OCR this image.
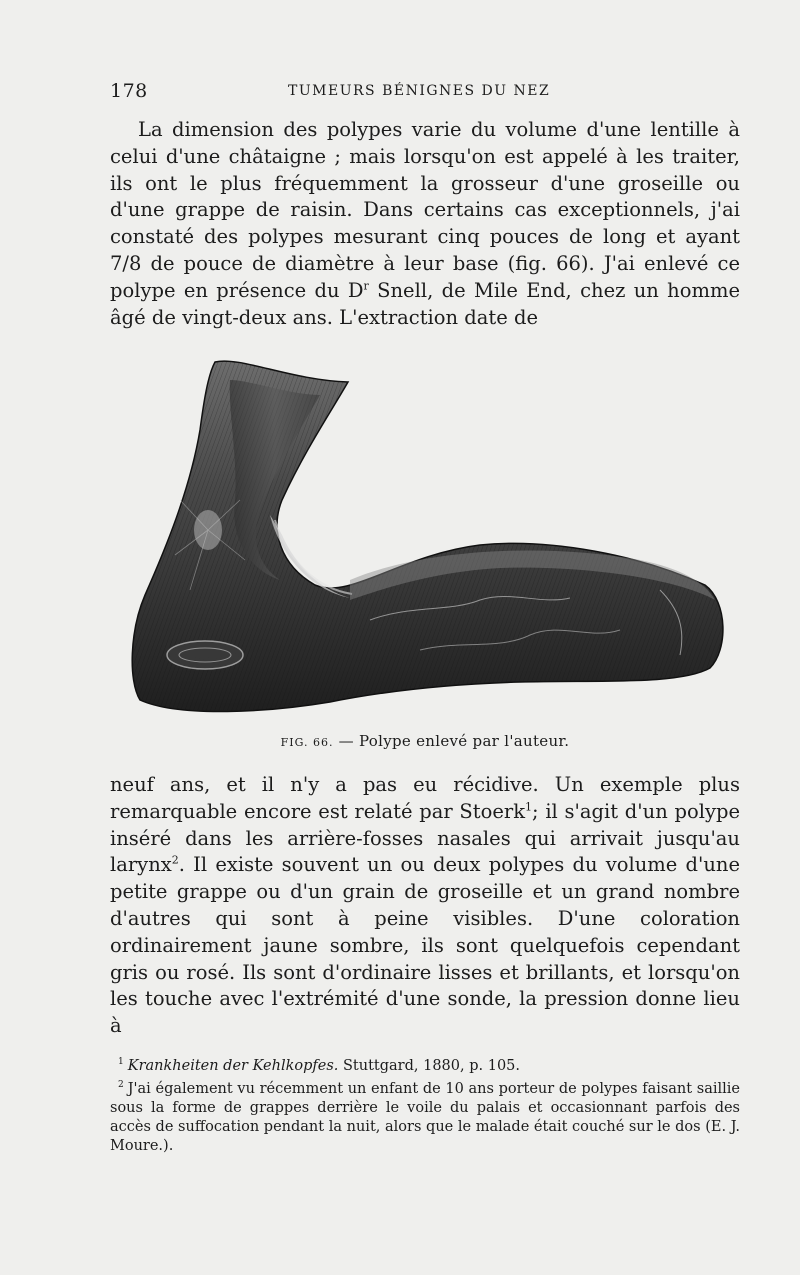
178	TUMEURS BÉNIGNES DU NEZ

La dimension des polypes varie du volume d'une lentille à celui d'une châtaigne ; mais lorsqu'on est appelé à les traiter, ils ont le plus fréquemment la grosseur d'une groseille ou d'une grappe de raisin. Dans certains cas exceptionnels, j'ai constaté des polypes mesurant cinq pouces de long et ayant 7/8 de pouce de diamètre à leur base (fig. 66). J'ai enlevé ce polype en présence du $D^r$ Snell, de Mile End, chez un homme âgé de vingt-deux ans. L'extraction date de

FIG. 66. — Polype enlevé par l'auteur.

neuf ans, et il n'y a pas eu récidive. Un exemple plus remarquable encore est relaté par Stoerk$^1$; il s'agit d'un polype inséré dans les arrière-fosses nasales qui arrivait jusqu'au larynx$^2$. Il existe souvent un ou deux polypes du volume d'une petite grappe ou d'un grain de groseille et un grand nombre d'autres qui sont à peine visibles. D'une coloration ordinairement jaune sombre, ils sont quelquefois cependant gris ou rosé. Ils sont d'ordinaire lisses et brillants, et lorsqu'on les touche avec l'extrémité d'une sonde, la pression donne lieu à

$^1$ Krankheiten der Kehlkopfes. Stuttgard, 1880, p. 105.

$^2$ J'ai également vu récemment un enfant de 10 ans porteur de polypes faisant saillie sous la forme de grappes derrière le voile du palais et occasionnant parfois des accès de suffocation pendant la nuit, alors que le malade était couché sur le dos (E. J. Moure.).
